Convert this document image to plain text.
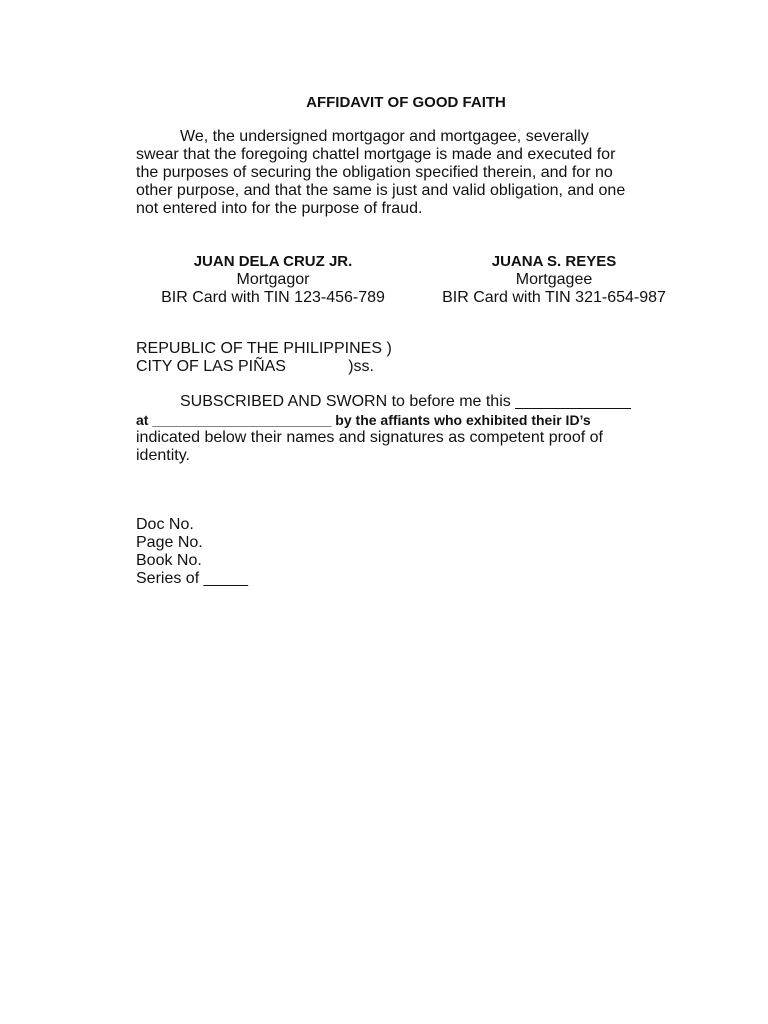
AFFIDAVIT OF GOOD FAITH
We, the undersigned mortgagor and mortgagee, severally
swear that the foregoing chattel mortgage is made and executed for
the purposes of securing the obligation specified therein, and for no
other purpose, and that the same is just and valid obligation, and one
not entered into for the purpose of fraud.
JUAN DELA CRUZ JR.
Mortgagor
BIR Card with TIN 123-456-789
JUANA S. REYES
Mortgagee
BIR Card with TIN 321-654-987
REPUBLIC OF THE PHILIPPINES )
CITY OF LAS PIÑAS              )ss.
SUBSCRIBED AND SWORN to before me this _____________
at _______________________ by the affiants who exhibited their ID’s
indicated below their names and signatures as competent proof of
identity.
Doc No.
Page No.
Book No.
Series of _____
